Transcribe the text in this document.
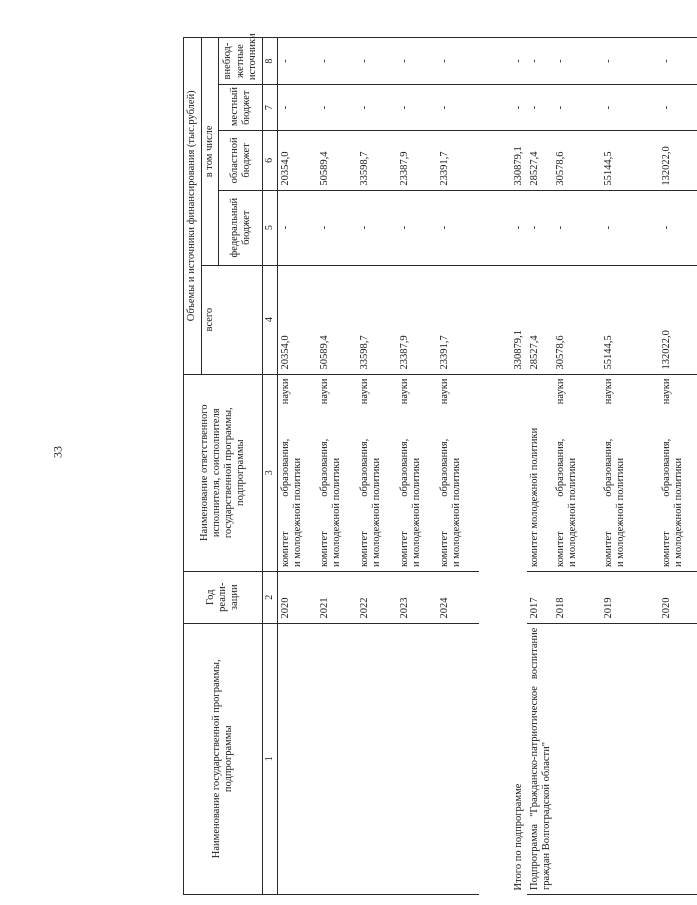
33
Наименование государственной программы, подпрограммы	Год реали- зации	Наименование ответственного исполнителя, соисполнителя государственной программы, подпрограммы	Объемы и источники финансирования (тыс.рублей)				
			всего	в том числе			
				федеральный бюджет	областной бюджет	местный бюджет	внебюд- жетные источники
1	2	3	4	5	6	7	8
	2020	комитет образования, науки и молодежной политики	20354,0	-	20354,0	-	-
	2021	комитет образования, науки и молодежной политики	50589,4	-	50589,4	-	-
	2022	комитет образования, науки и молодежной политики	33598,7	-	33598,7	-	-
	2023	комитет образования, науки и молодежной политики	23387,9	-	23387,9	-	-
	2024	комитет образования, науки и молодежной политики	23391,7	-	23391,7	-	-
Итого по подпрограмме			330879,1	-	330879,1	-	-
Подпрограмма "Гражданско-патриотическое воспитание граждан Волгоградской области"	2017	комитет молодежной политики	28527,4	-	28527,4	-	-
	2018	комитет образования, науки и молодежной политики	30578,6	-	30578,6	-	-
	2019	комитет образования, науки и молодежной политики	55144,5	-	55144,5	-	-
	2020	комитет образования, науки и молодежной политики	132022,0	-	132022,0	-	-
